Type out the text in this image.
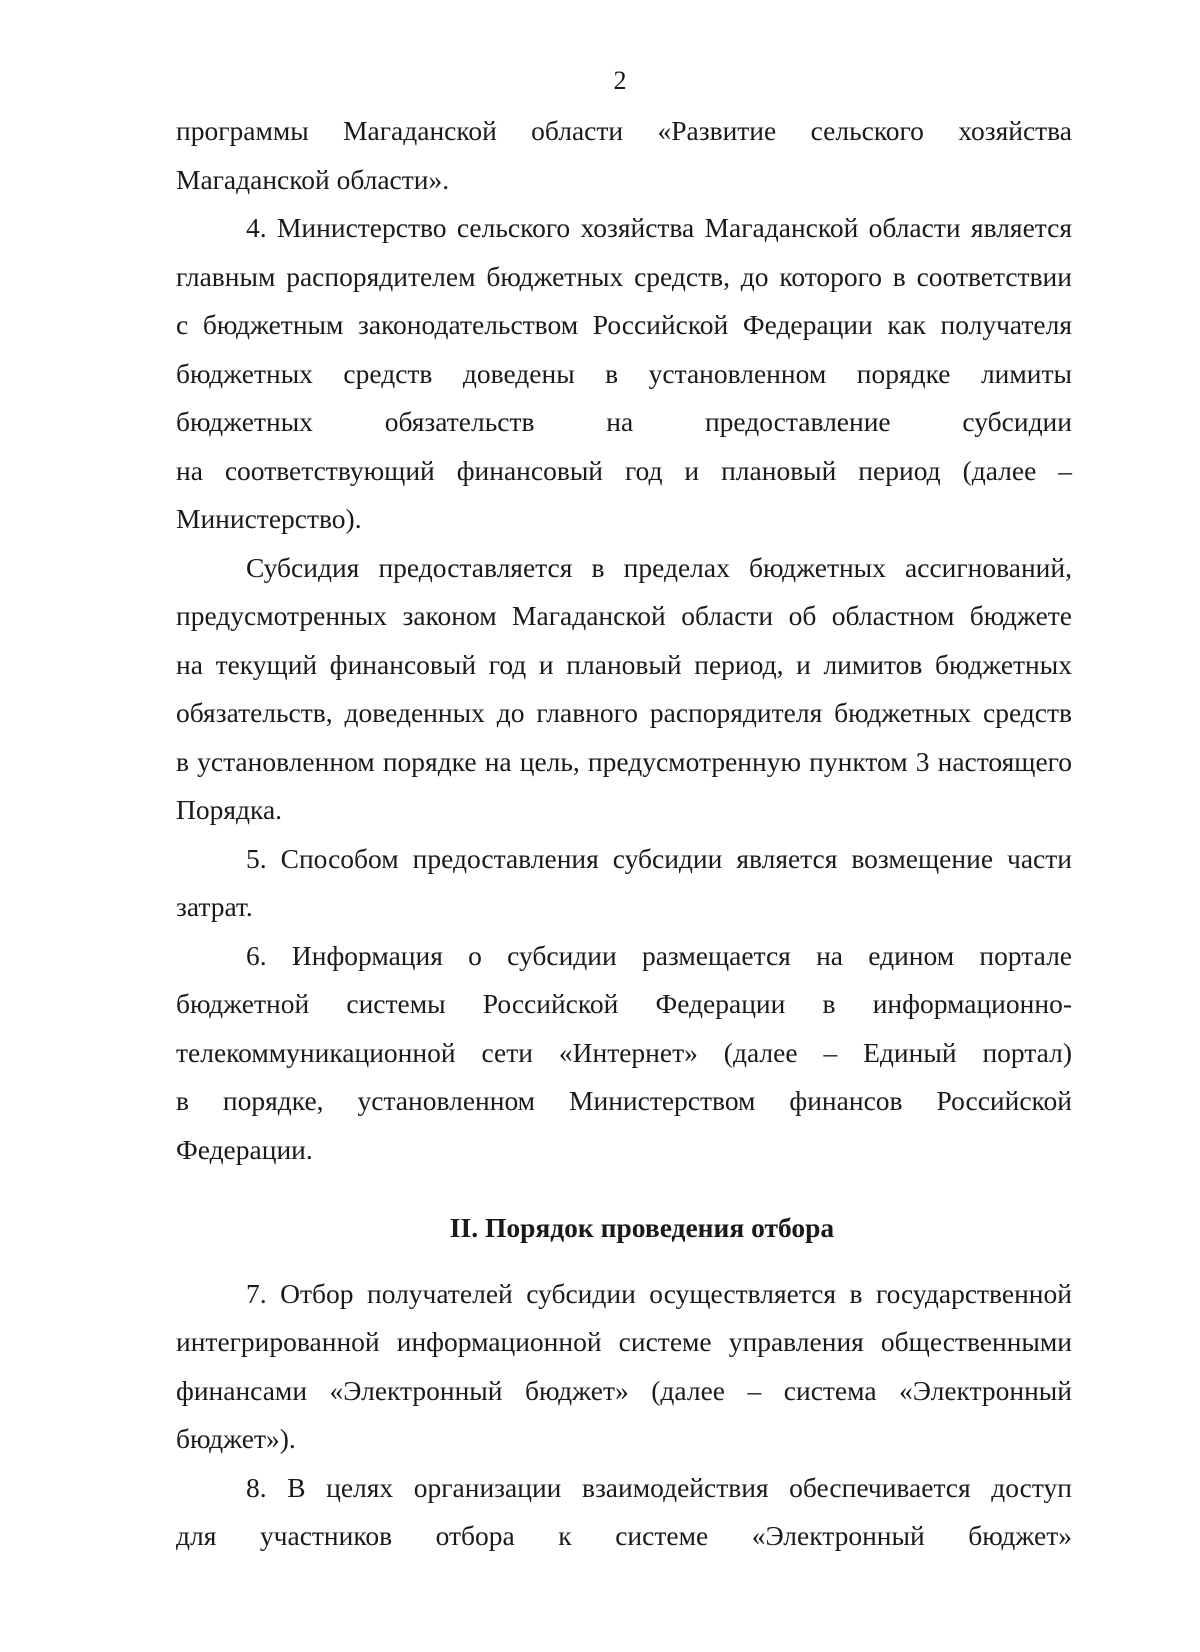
2
программы Магаданской области «Развитие сельского хозяйства
Магаданской области».
4. Министерство сельского хозяйства Магаданской области является
главным распорядителем бюджетных средств, до которого в соответствии
с бюджетным законодательством Российской Федерации как получателя
бюджетных средств доведены в установленном порядке лимиты
бюджетных обязательств на предоставление субсидии
на соответствующий финансовый год и плановый период (далее –
Министерство).
Субсидия предоставляется в пределах бюджетных ассигнований,
предусмотренных законом Магаданской области об областном бюджете
на текущий финансовый год и плановый период, и лимитов бюджетных
обязательств, доведенных до главного распорядителя бюджетных средств
в установленном порядке на цель, предусмотренную пунктом 3 настоящего
Порядка.
5. Способом предоставления субсидии является возмещение части
затрат.
6. Информация о субсидии размещается на едином портале
бюджетной системы Российской Федерации в информационно-
телекоммуникационной сети «Интернет» (далее – Единый портал)
в порядке, установленном Министерством финансов Российской
Федерации.
II. Порядок проведения отбора
7. Отбор получателей субсидии осуществляется в государственной
интегрированной информационной системе управления общественными
финансами «Электронный бюджет» (далее – система «Электронный
бюджет»).
8. В целях организации взаимодействия обеспечивается доступ
для участников отбора к системе «Электронный бюджет»
